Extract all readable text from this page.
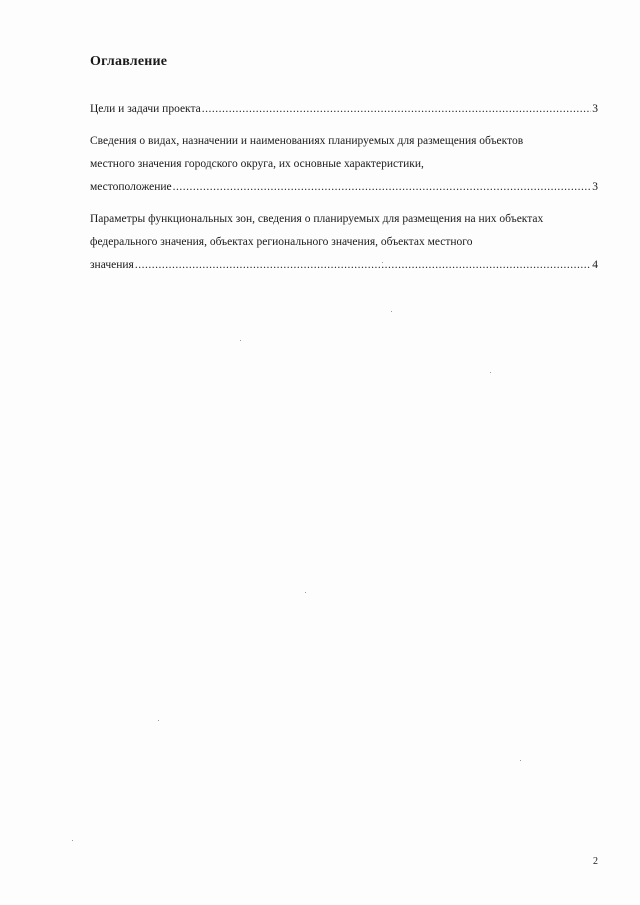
Оглавление
Цели и задачи проекта .....	3
Сведения о видах, назначении и наименованиях планируемых для размещения объектов
местного значения городского округа, их основные характеристики,
местоположение .....	3
Параметры функциональных зон, сведения о планируемых для размещения на них объектах
федерального значения, объектах регионального значения, объектах местного
значения .....	4
2
